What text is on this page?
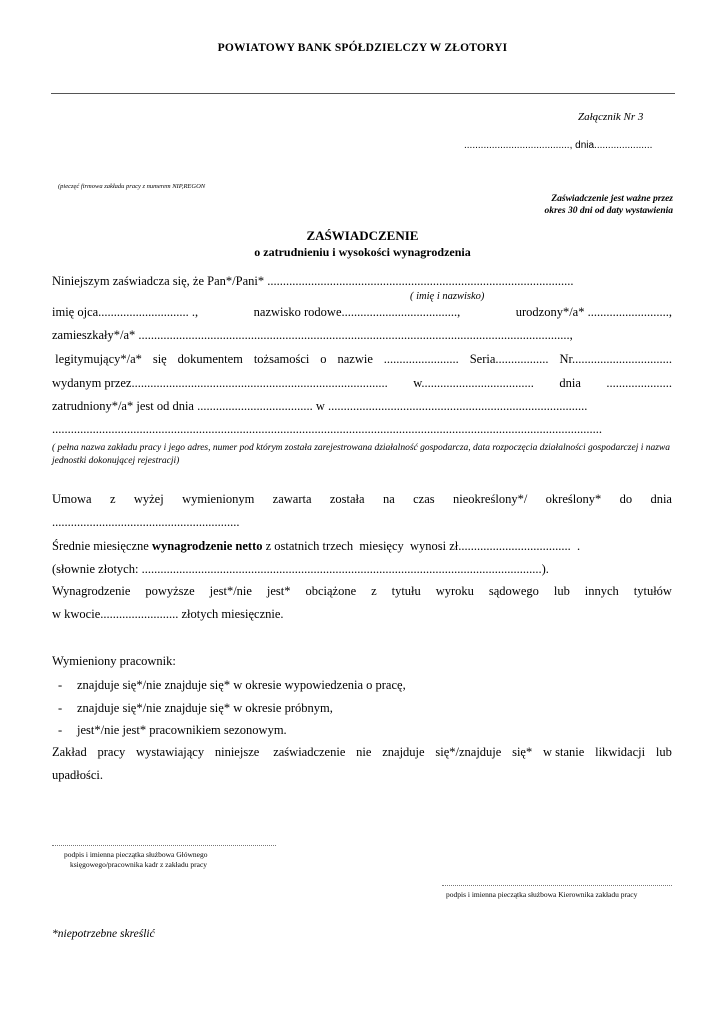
POWIATOWY BANK SPÓŁDZIELCZY W ZŁOTORYI
Załącznik Nr 3
......................................, dnia.....................
(pieczęć firmowa zakładu pracy z numerem NIP,REGON
Zaświadczenie jest ważne przez
okres 30 dni od daty wystawienia
ZAŚWIADCZENIE
o zatrudnieniu i wysokości wynagrodzenia
Niniejszym zaświadcza się, że Pan*/Pani* ..................................................................................................
( imię i nazwisko)
imię ojca............................. .,	nazwisko rodowe.....................................,	urodzony*/a* ..........................,
zamieszkały*/a* ..........................................................................................................................................,
legitymujący*/a* się dokumentem tożsamości o nazwie ........................ Seria................. Nr................................
wydanym przez.................................................................................. w.................................... dnia .....................
zatrudniony*/a* jest od dnia ..................................... w ...................................................................................
................................................................................................................................................................................
( pełna nazwa zakładu pracy i jego adres, numer pod którym została zarejestrowana działalność gospodarcza, data rozpoczęcia działalności gospodarczej i nazwa jednostki dokonującej rejestracji)
Umowa z wyżej wymienionym zawarta została na czas nieokreślony*/ określony* do dnia
............................................................
Średnie miesięczne wynagrodzenie netto z ostatnich trzech  miesięcy  wynosi zł....................................  .
(słownie złotych: ................................................................................................................................).
Wynagrodzenie powyższe jest*/nie jest* obciążone z tytułu wyroku sądowego lub innych tytułów
w kwocie......................... złotych miesięcznie.
Wymieniony pracownik:
- znajduje się*/nie znajduje się* w okresie wypowiedzenia o pracę,
- znajduje się*/nie znajduje się* w okresie próbnym,
- jest*/nie jest* pracownikiem sezonowym.
Zakład pracy wystawiający niniejsze zaświadczenie nie znajduje się*/znajduje się* w stanie likwidacji lub
upadłości.
podpis i imienna pieczątka służbowa Głównego
księgowego/pracownika kadr z zakładu pracy
podpis i imienna pieczątka służbowa Kierownika zakładu pracy
*niepotrzebne skreślić
